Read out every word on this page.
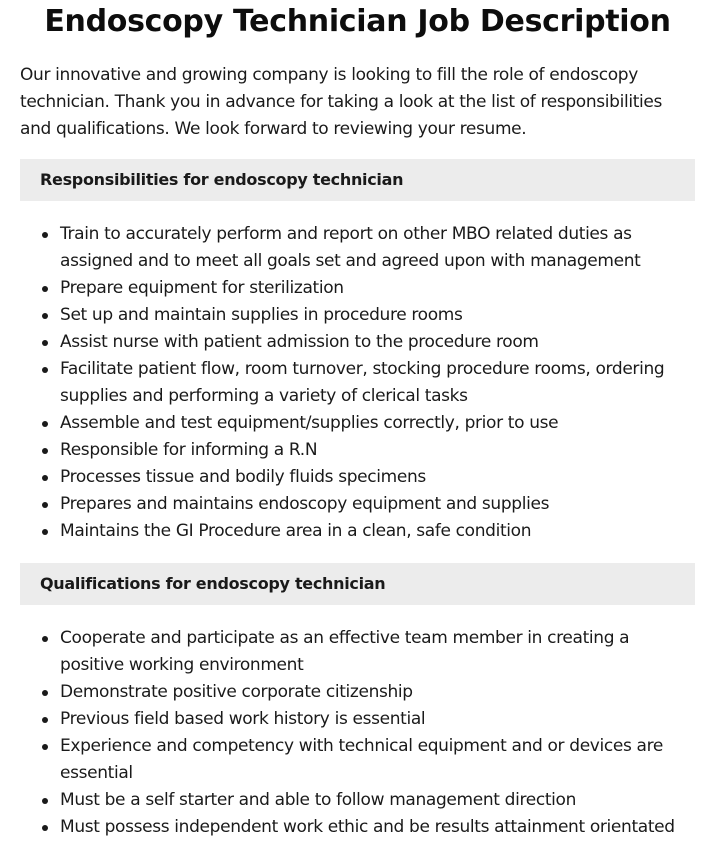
Endoscopy Technician Job Description

Our innovative and growing company is looking to fill the role of endoscopy technician. Thank you in advance for taking a look at the list of responsibilities and qualifications. We look forward to reviewing your resume.

Responsibilities for endoscopy technician
Train to accurately perform and report on other MBO related duties as assigned and to meet all goals set and agreed upon with management
Prepare equipment for sterilization
Set up and maintain supplies in procedure rooms
Assist nurse with patient admission to the procedure room
Facilitate patient flow, room turnover, stocking procedure rooms, ordering supplies and performing a variety of clerical tasks
Assemble and test equipment/supplies correctly, prior to use
Responsible for informing a R.N
Processes tissue and bodily fluids specimens
Prepares and maintains endoscopy equipment and supplies
Maintains the GI Procedure area in a clean, safe condition
Qualifications for endoscopy technician
Cooperate and participate as an effective team member in creating a positive working environment
Demonstrate positive corporate citizenship
Previous field based work history is essential
Experience and competency with technical equipment and or devices are essential
Must be a self starter and able to follow management direction
Must possess independent work ethic and be results attainment orientated
